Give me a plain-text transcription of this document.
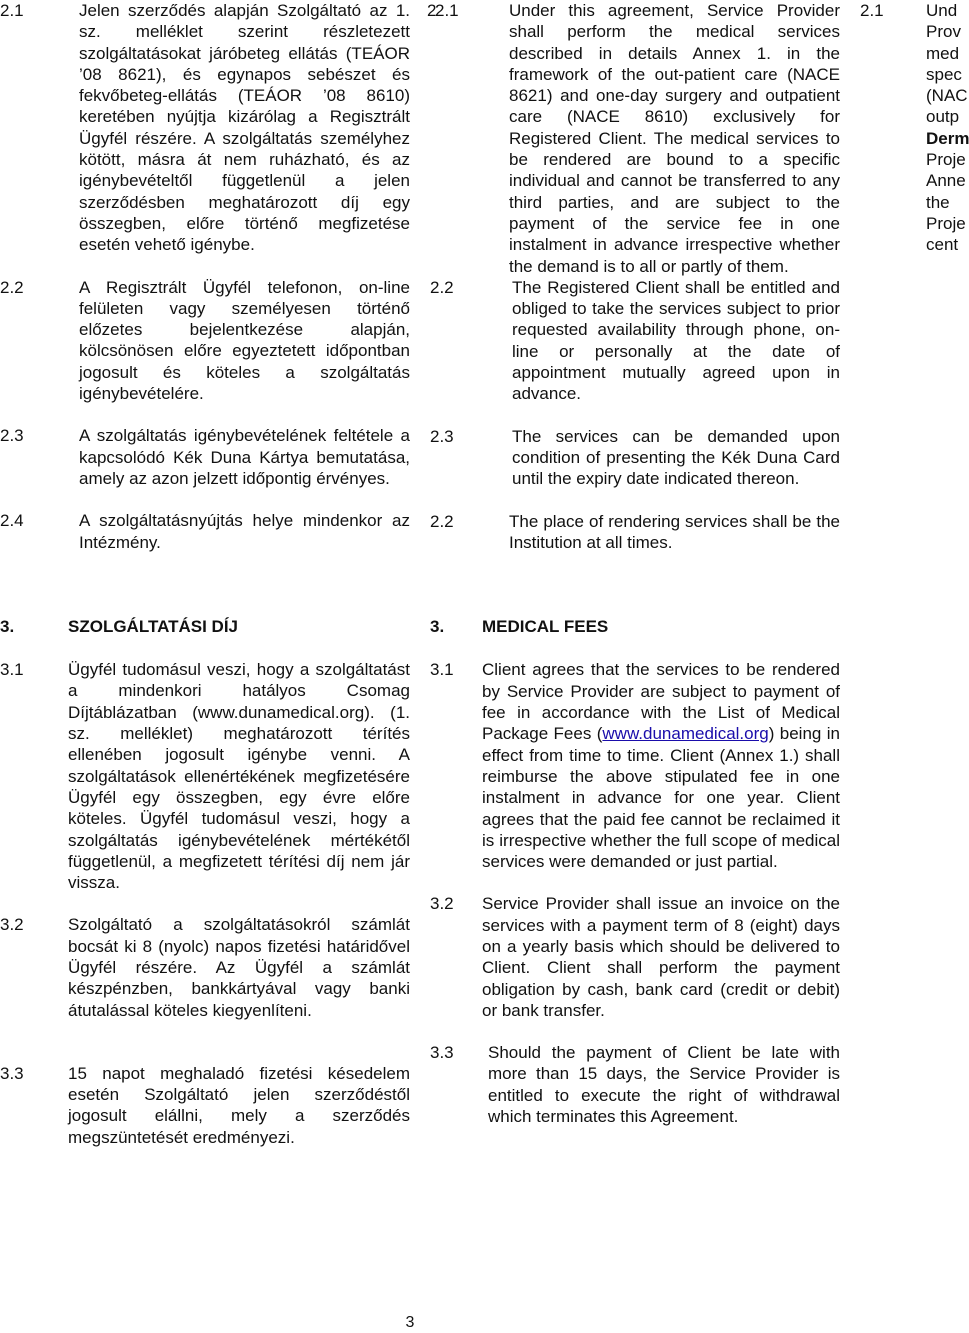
2.1	Jelen szerződés alapján Szolgáltató az 1. sz. melléklet szerint részletezett szolgáltatásokat járóbeteg ellátás (TEÁOR ’08 8621), és egynapos sebészet és fekvőbeteg-ellátás (TEÁOR ’08 8610) keretében nyújtja kizárólag a Regisztrált Ügyfél részére. A szolgáltatás személyhez kötött, másra át nem ruházható, és az igénybevételtől függetlenül a jelen szerződésben meghatározott díj egy összegben, előre történő megfizetése esetén vehető igénybe.
2.2	A Regisztrált Ügyfél telefonon, on-line felületen vagy személyesen történő előzetes bejelentkezése alapján, kölcsönösen előre egyeztetett időpontban jogosult és köteles a szolgáltatás igénybevételére.
2.3	A szolgáltatás igénybevételének feltétele a kapcsolódó Kék Duna Kártya bemutatása, amely az azon jelzett időpontig érvényes.
2.4	A szolgáltatásnyújtás helye mindenkor az Intézmény.
3.	SZOLGÁLTATÁSI DÍJ
3.1	Ügyfél tudomásul veszi, hogy a szolgáltatást a mindenkori hatályos Csomag Díjtáblázatban (www.dunamedical.org). (1. sz. melléklet) meghatározott térítés ellenében jogosult igénybe venni. A szolgáltatások ellenértékének megfizetésére Ügyfél egy összegben, egy évre előre köteles. Ügyfél tudomásul veszi, hogy a szolgáltatás igénybevételének mértékétől függetlenül, a megfizetett térítési díj nem jár vissza.
3.2	Szolgáltató a szolgáltatásokról számlát bocsát ki 8 (nyolc) napos fizetési határidővel Ügyfél részére. Az Ügyfél a számlát készpénzben, bankkártyával vagy banki átutalással köteles kiegyenlíteni.
3.3	15 napot meghaladó fizetési késedelem esetén Szolgáltató jelen szerződéstől jogosult elállni, mely a szerződés megszüntetését eredményezi.
2
2.1	Under this agreement, Service Provider shall perform the medical services described in details Annex 1. in the framework of the out-patient care (NACE 8621) and one-day surgery and outpatient care (NACE 8610) exclusively for Registered Client. The medical services to be rendered are bound to a specific individual and cannot be transferred to any third parties, and are subject to the payment of the service fee in one instalment in advance irrespective whether the demand is to all or partly of them.
2.2	The Registered Client shall be entitled and obliged to take the services subject to prior requested availability through phone, on-line or personally at the date of appointment mutually agreed upon in advance.
2.3	The services can be demanded upon condition of presenting the Kék Duna Card until the expiry date indicated thereon.
2.2	The place of rendering services shall be the Institution at all times.
3.	MEDICAL FEES
3.1	Client agrees that the services to be rendered by Service Provider are subject to payment of fee in accordance with the List of Medical Package Fees (www.dunamedical.org) being in effect from time to time. Client (Annex 1.) shall reimburse the above stipulated fee in one instalment in advance for one year. Client agrees that the paid fee cannot be reclaimed it is irrespective whether the full scope of medical services were demanded or just partial.
3.2	Service Provider shall issue an invoice on the services with a payment term of 8 (eight) days on a yearly basis which should be delivered to Client. Client shall perform the payment obligation by cash, bank card (credit or debit) or bank transfer.
3.3	Should the payment of Client be late with more than 15 days, the Service Provider is entitled to execute the right of withdrawal which terminates this Agreement.
2.1	Und
Prov
med
spec
(NAC
outp
Derm
Proje
Anne
the
Proje
cent
3
